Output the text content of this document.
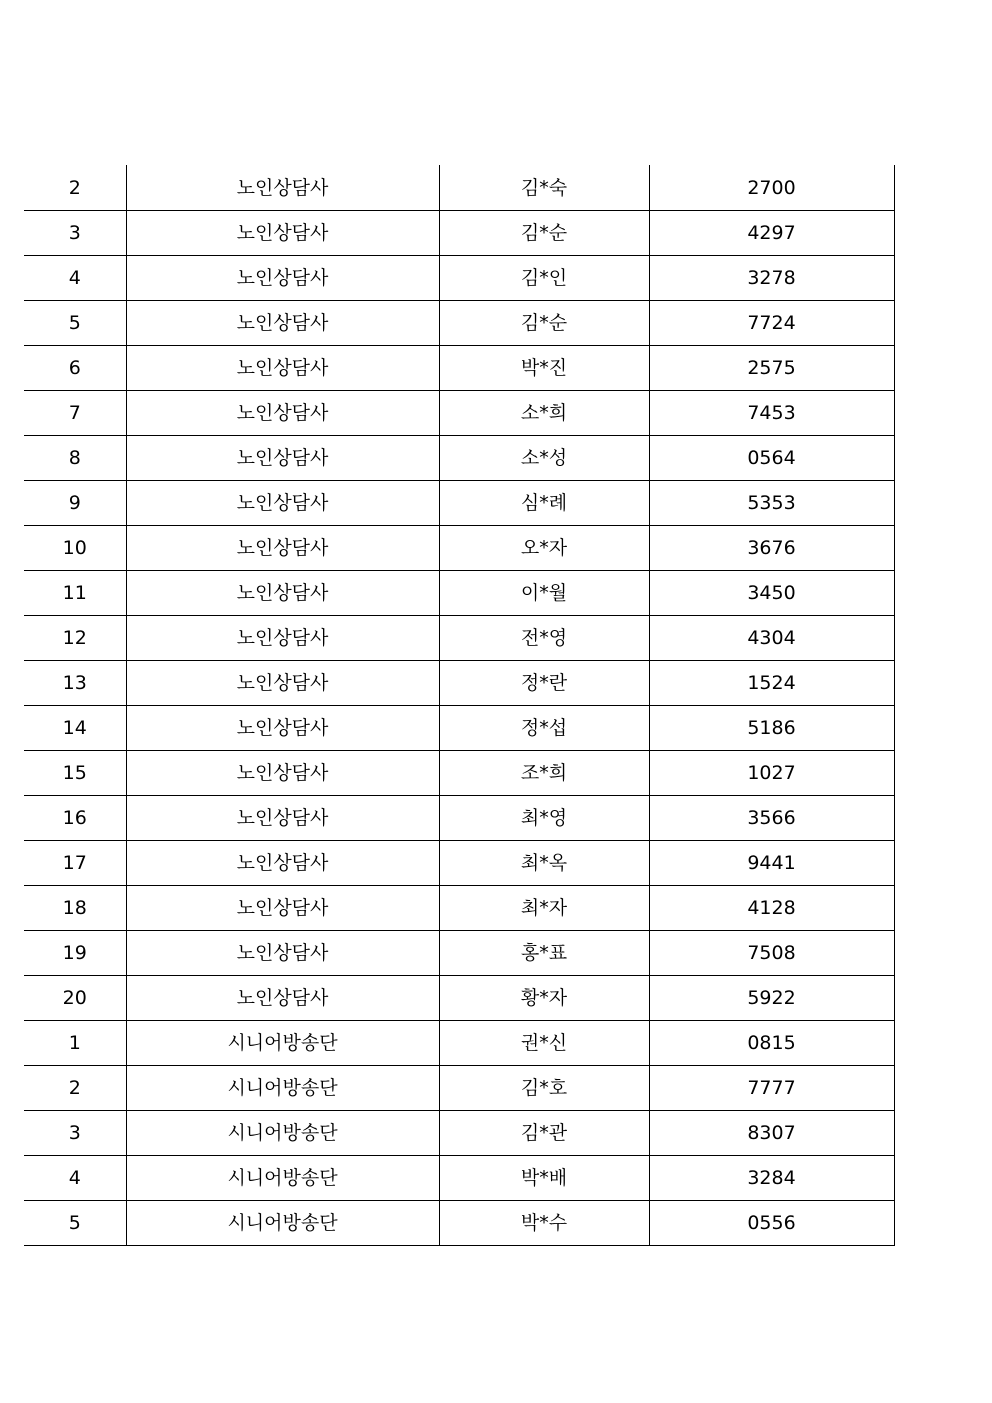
2	노인상담사	김*숙	2700
3	노인상담사	김*순	4297
4	노인상담사	김*인	3278
5	노인상담사	김*순	7724
6	노인상담사	박*진	2575
7	노인상담사	소*희	7453
8	노인상담사	소*성	0564
9	노인상담사	심*례	5353
10	노인상담사	오*자	3676
11	노인상담사	이*월	3450
12	노인상담사	전*영	4304
13	노인상담사	정*란	1524
14	노인상담사	정*섭	5186
15	노인상담사	조*희	1027
16	노인상담사	최*영	3566
17	노인상담사	최*옥	9441
18	노인상담사	최*자	4128
19	노인상담사	홍*표	7508
20	노인상담사	황*자	5922
1	시니어방송단	권*신	0815
2	시니어방송단	김*호	7777
3	시니어방송단	김*관	8307
4	시니어방송단	박*배	3284
5	시니어방송단	박*수	0556
